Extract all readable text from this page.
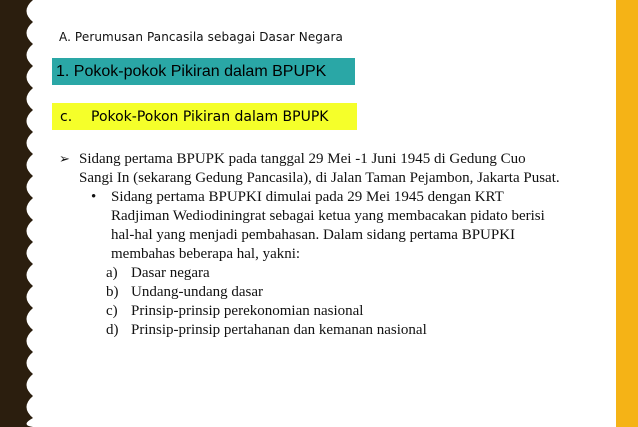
A. Perumusan Pancasila sebagai Dasar Negara
1. Pokok-pokok Pikiran dalam BPUPK
c. Pokok-Pokon Pikiran dalam BPUPK
➢ Sidang pertama BPUPK pada tanggal 29 Mei -1 Juni 1945 di Gedung Cuo
Sangi In (sekarang Gedung Pancasila), di Jalan Taman Pejambon, Jakarta Pusat.
• Sidang pertama BPUPKI dimulai pada 29 Mei 1945 dengan KRT
Radjiman Wediodiningrat sebagai ketua yang membacakan pidato berisi
hal-hal yang menjadi pembahasan. Dalam sidang pertama BPUPKI
membahas beberapa hal, yakni:
a) Dasar negara
b) Undang-undang dasar
c) Prinsip-prinsip perekonomian nasional
d) Prinsip-prinsip pertahanan dan kemanan nasional
